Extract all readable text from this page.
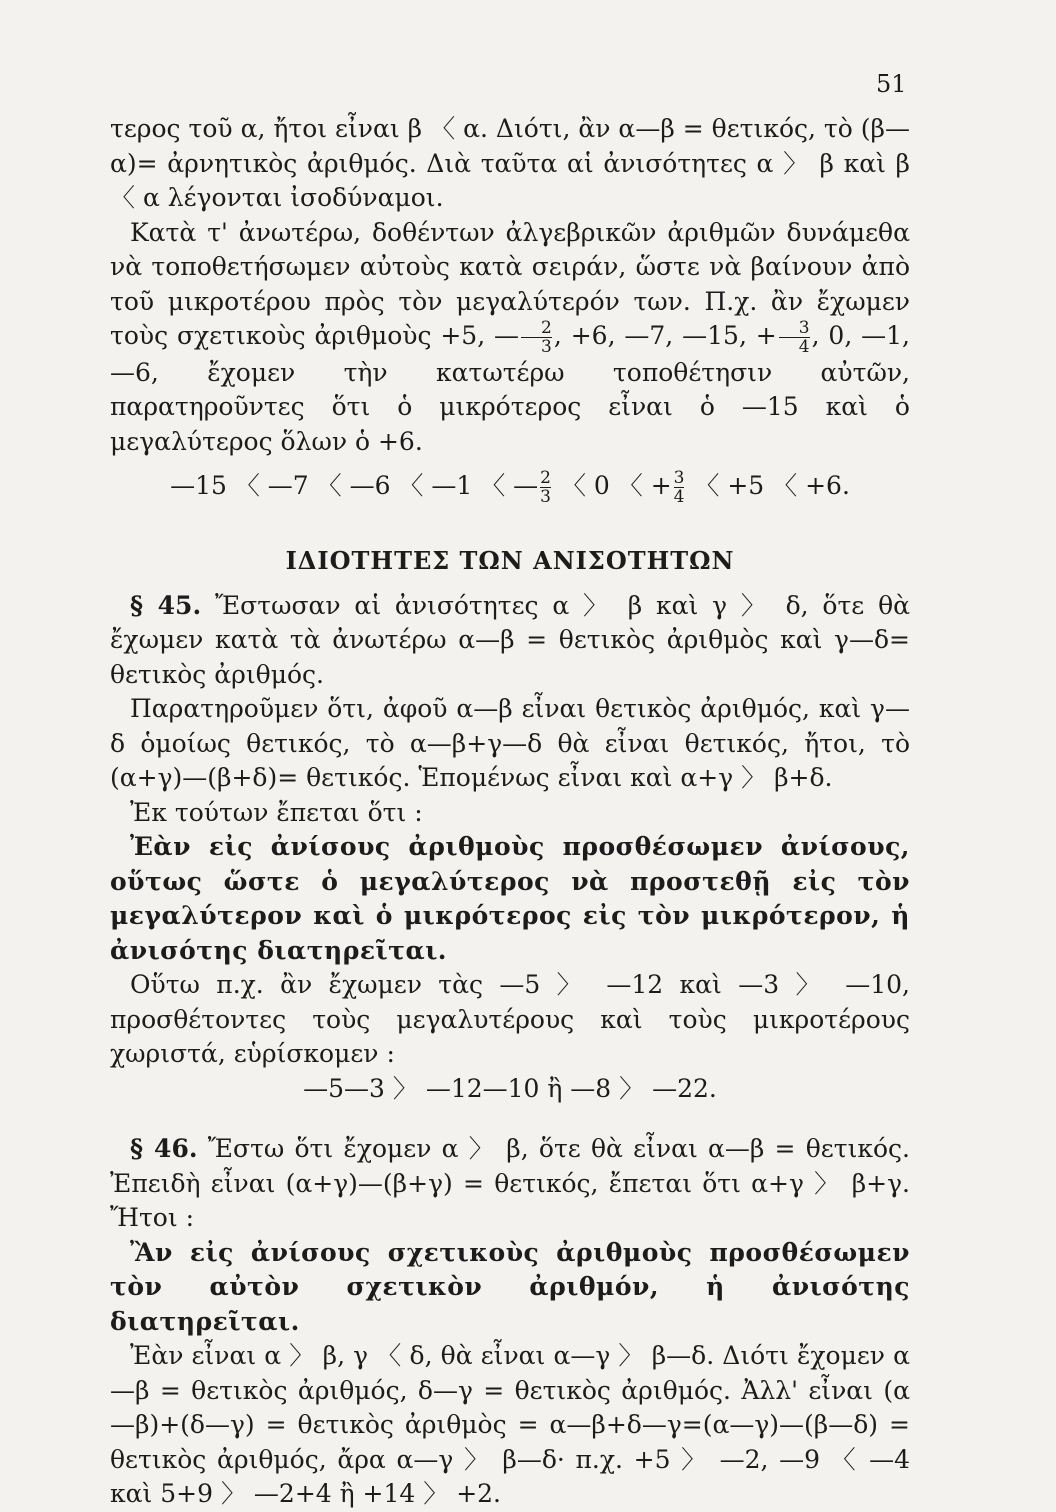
51

τερος τοῦ α, ἤτοι εἶναι β 〈 α. Διότι, ἂν α—β = θετικός, τὸ (β—α)= ἀρνητικὸς ἀριθμός. Διὰ ταῦτα αἱ ἀνισότητες α 〉 β καὶ β 〈 α λέγονται ἰσοδύναμοι.

Κατὰ τ' ἀνωτέρω, δοθέντων ἀλγεβρικῶν ἀριθμῶν δυνάμεθα νὰ τοποθετήσωμεν αὐτοὺς κατὰ σειράν, ὥστε νὰ βαίνουν ἀπὸ τοῦ μικροτέρου πρὸς τὸν μεγαλύτερόν των. Π.χ. ἂν ἔχωμεν τοὺς σχετικοὺς ἀριθμοὺς +5, — $\frac{2}{3}$ , +6, —7, —15, + $\frac{3}{4}$ , 0, —1, —6, ἔχομεν τὴν κατωτέρω τοποθέτησιν αὐτῶν, παρατηροῦντες ὅτι ὁ μικρότερος εἶναι ὁ —15 καὶ ὁ μεγαλύτερος ὅλων ὁ +6.

—15 〈 —7 〈 —6 〈 —1 〈 — $\frac{2}{3}$ 〈 0 〈 + $\frac{3}{4}$ 〈 +5 〈 +6.

ΙΔΙΟΤΗΤΕΣ ΤΩΝ ΑΝΙΣΟΤΗΤΩΝ

§ 45. Ἔστωσαν αἱ ἀνισότητες α 〉 β καὶ γ 〉 δ, ὅτε θὰ ἔχωμεν κατὰ τὰ ἀνωτέρω α—β = θετικὸς ἀριθμὸς καὶ γ—δ= θετικὸς ἀριθμός.

Παρατηροῦμεν ὅτι, ἀφοῦ α—β εἶναι θετικὸς ἀριθμός, καὶ γ—δ ὁμοίως θετικός, τὸ α—β+γ—δ θὰ εἶναι θετικός, ἤτοι, τὸ (α+γ)—(β+δ)= θετικός. Ἑπομένως εἶναι καὶ α+γ 〉 β+δ.

Ἐκ τούτων ἔπεται ὅτι :

Ἐὰν εἰς ἀνίσους ἀριθμοὺς προσθέσωμεν ἀνίσους, οὕτως ὥστε ὁ μεγαλύτερος νὰ προστεθῇ εἰς τὸν μεγαλύτερον καὶ ὁ μικρότερος εἰς τὸν μικρότερον, ἡ ἀνισότης διατηρεῖται.

Οὕτω π.χ. ἂν ἔχωμεν τὰς —5 〉 —12 καὶ —3 〉 —10, προσθέτοντες τοὺς μεγαλυτέρους καὶ τοὺς μικροτέρους χωριστά, εὑρίσκομεν :

—5—3 〉 —12—10 ἢ —8 〉 —22.

§ 46. Ἔστω ὅτι ἔχομεν α 〉 β, ὅτε θὰ εἶναι α—β = θετικός. Ἐπειδὴ εἶναι (α+γ)—(β+γ) = θετικός, ἔπεται ὅτι α+γ 〉 β+γ. Ἤτοι :

Ἂν εἰς ἀνίσους σχετικοὺς ἀριθμοὺς προσθέσωμεν τὸν αὐτὸν σχετικὸν ἀριθμόν, ἡ ἀνισότης διατηρεῖται.

Ἐὰν εἶναι α 〉 β, γ 〈 δ, θὰ εἶναι α—γ 〉 β—δ. Διότι ἔχομεν α—β = θετικὸς ἀριθμός, δ—γ = θετικὸς ἀριθμός. Ἀλλ' εἶναι (α—β)+(δ—γ) = θετικὸς ἀριθμὸς = α—β+δ—γ=(α—γ)—(β—δ) = θετικὸς ἀριθμός, ἄρα α—γ 〉 β—δ· π.χ. +5 〉 —2, —9 〈 —4 καὶ 5+9 〉 —2+4 ἢ +14 〉 +2.
